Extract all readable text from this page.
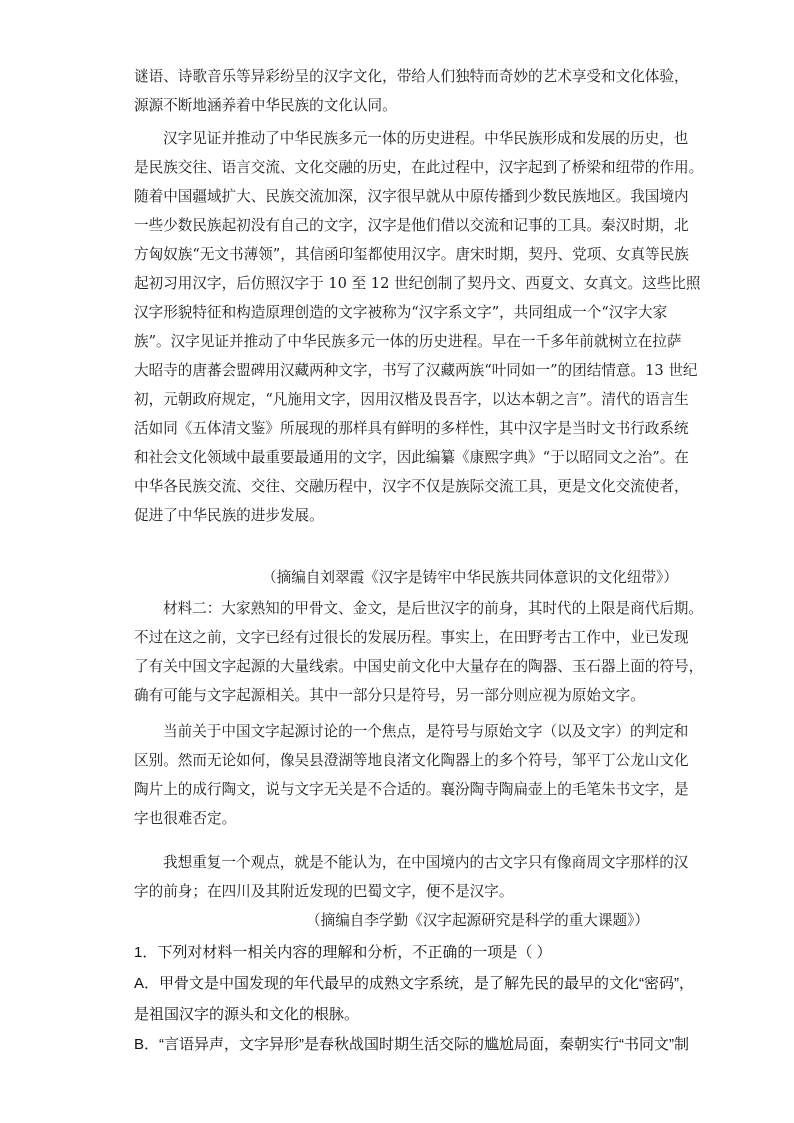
谜语、诗歌音乐等异彩纷呈的汉字文化，带给人们独特而奇妙的艺术享受和文化体验，
源源不断地涵养着中华民族的文化认同。
汉字见证并推动了中华民族多元一体的历史进程。中华民族形成和发展的历史，也
是民族交往、语言交流、文化交融的历史，在此过程中，汉字起到了桥梁和纽带的作用。
随着中国疆域扩大、民族交流加深，汉字很早就从中原传播到少数民族地区。我国境内
一些少数民族起初没有自己的文字，汉字是他们借以交流和记事的工具。秦汉时期，北
方匈奴族“无文书薄领”，其信函印玺都使用汉字。唐宋时期，契丹、党项、女真等民族
起初习用汉字，后仿照汉字于 10 至 12 世纪创制了契丹文、西夏文、女真文。这些比照
汉字形貌特征和构造原理创造的文字被称为“汉字系文字”，共同组成一个“汉字大家
族”。汉字见证并推动了中华民族多元一体的历史进程。早在一千多年前就树立在拉萨
大昭寺的唐蕃会盟碑用汉藏两种文字，书写了汉藏两族“叶同如一”的团结情意。13 世纪
初，元朝政府规定，“凡施用文字，因用汉楷及畏吾字，以达本朝之言”。清代的语言生
活如同《五体清文鉴》所展现的那样具有鲜明的多样性，其中汉字是当时文书行政系统
和社会文化领域中最重要最通用的文字，因此编纂《康熙字典》“于以昭同文之治”。在
中华各民族交流、交往、交融历程中，汉字不仅是族际交流工具，更是文化交流使者，
促进了中华民族的进步发展。
（摘编自刘翠霞《汉字是铸牢中华民族共同体意识的文化纽带》）
材料二：大家熟知的甲骨文、金文，是后世汉字的前身，其时代的上限是商代后期。
不过在这之前，文字已经有过很长的发展历程。事实上，在田野考古工作中，业已发现
了有关中国文字起源的大量线索。中国史前文化中大量存在的陶器、玉石器上面的符号，
确有可能与文字起源相关。其中一部分只是符号，另一部分则应视为原始文字。
当前关于中国文字起源讨论的一个焦点，是符号与原始文字（以及文字）的判定和
区别。然而无论如何，像吴县澄湖等地良渚文化陶器上的多个符号，邹平丁公龙山文化
陶片上的成行陶文，说与文字无关是不合适的。襄汾陶寺陶扁壶上的毛笔朱书文字，是
字也很难否定。
我想重复一个观点，就是不能认为，在中国境内的古文字只有像商周文字那样的汉
字的前身；在四川及其附近发现的巴蜀文字，便不是汉字。
（摘编自李学勤《汉字起源研究是科学的重大课题》）
1．下列对材料一相关内容的理解和分析，不正确的一项是（ ）
A．甲骨文是中国发现的年代最早的成熟文字系统，是了解先民的最早的文化“密码”，
是祖国汉字的源头和文化的根脉。
B．“言语异声，文字异形”是春秋战国时期生活交际的尴尬局面，秦朝实行“书同文”制
